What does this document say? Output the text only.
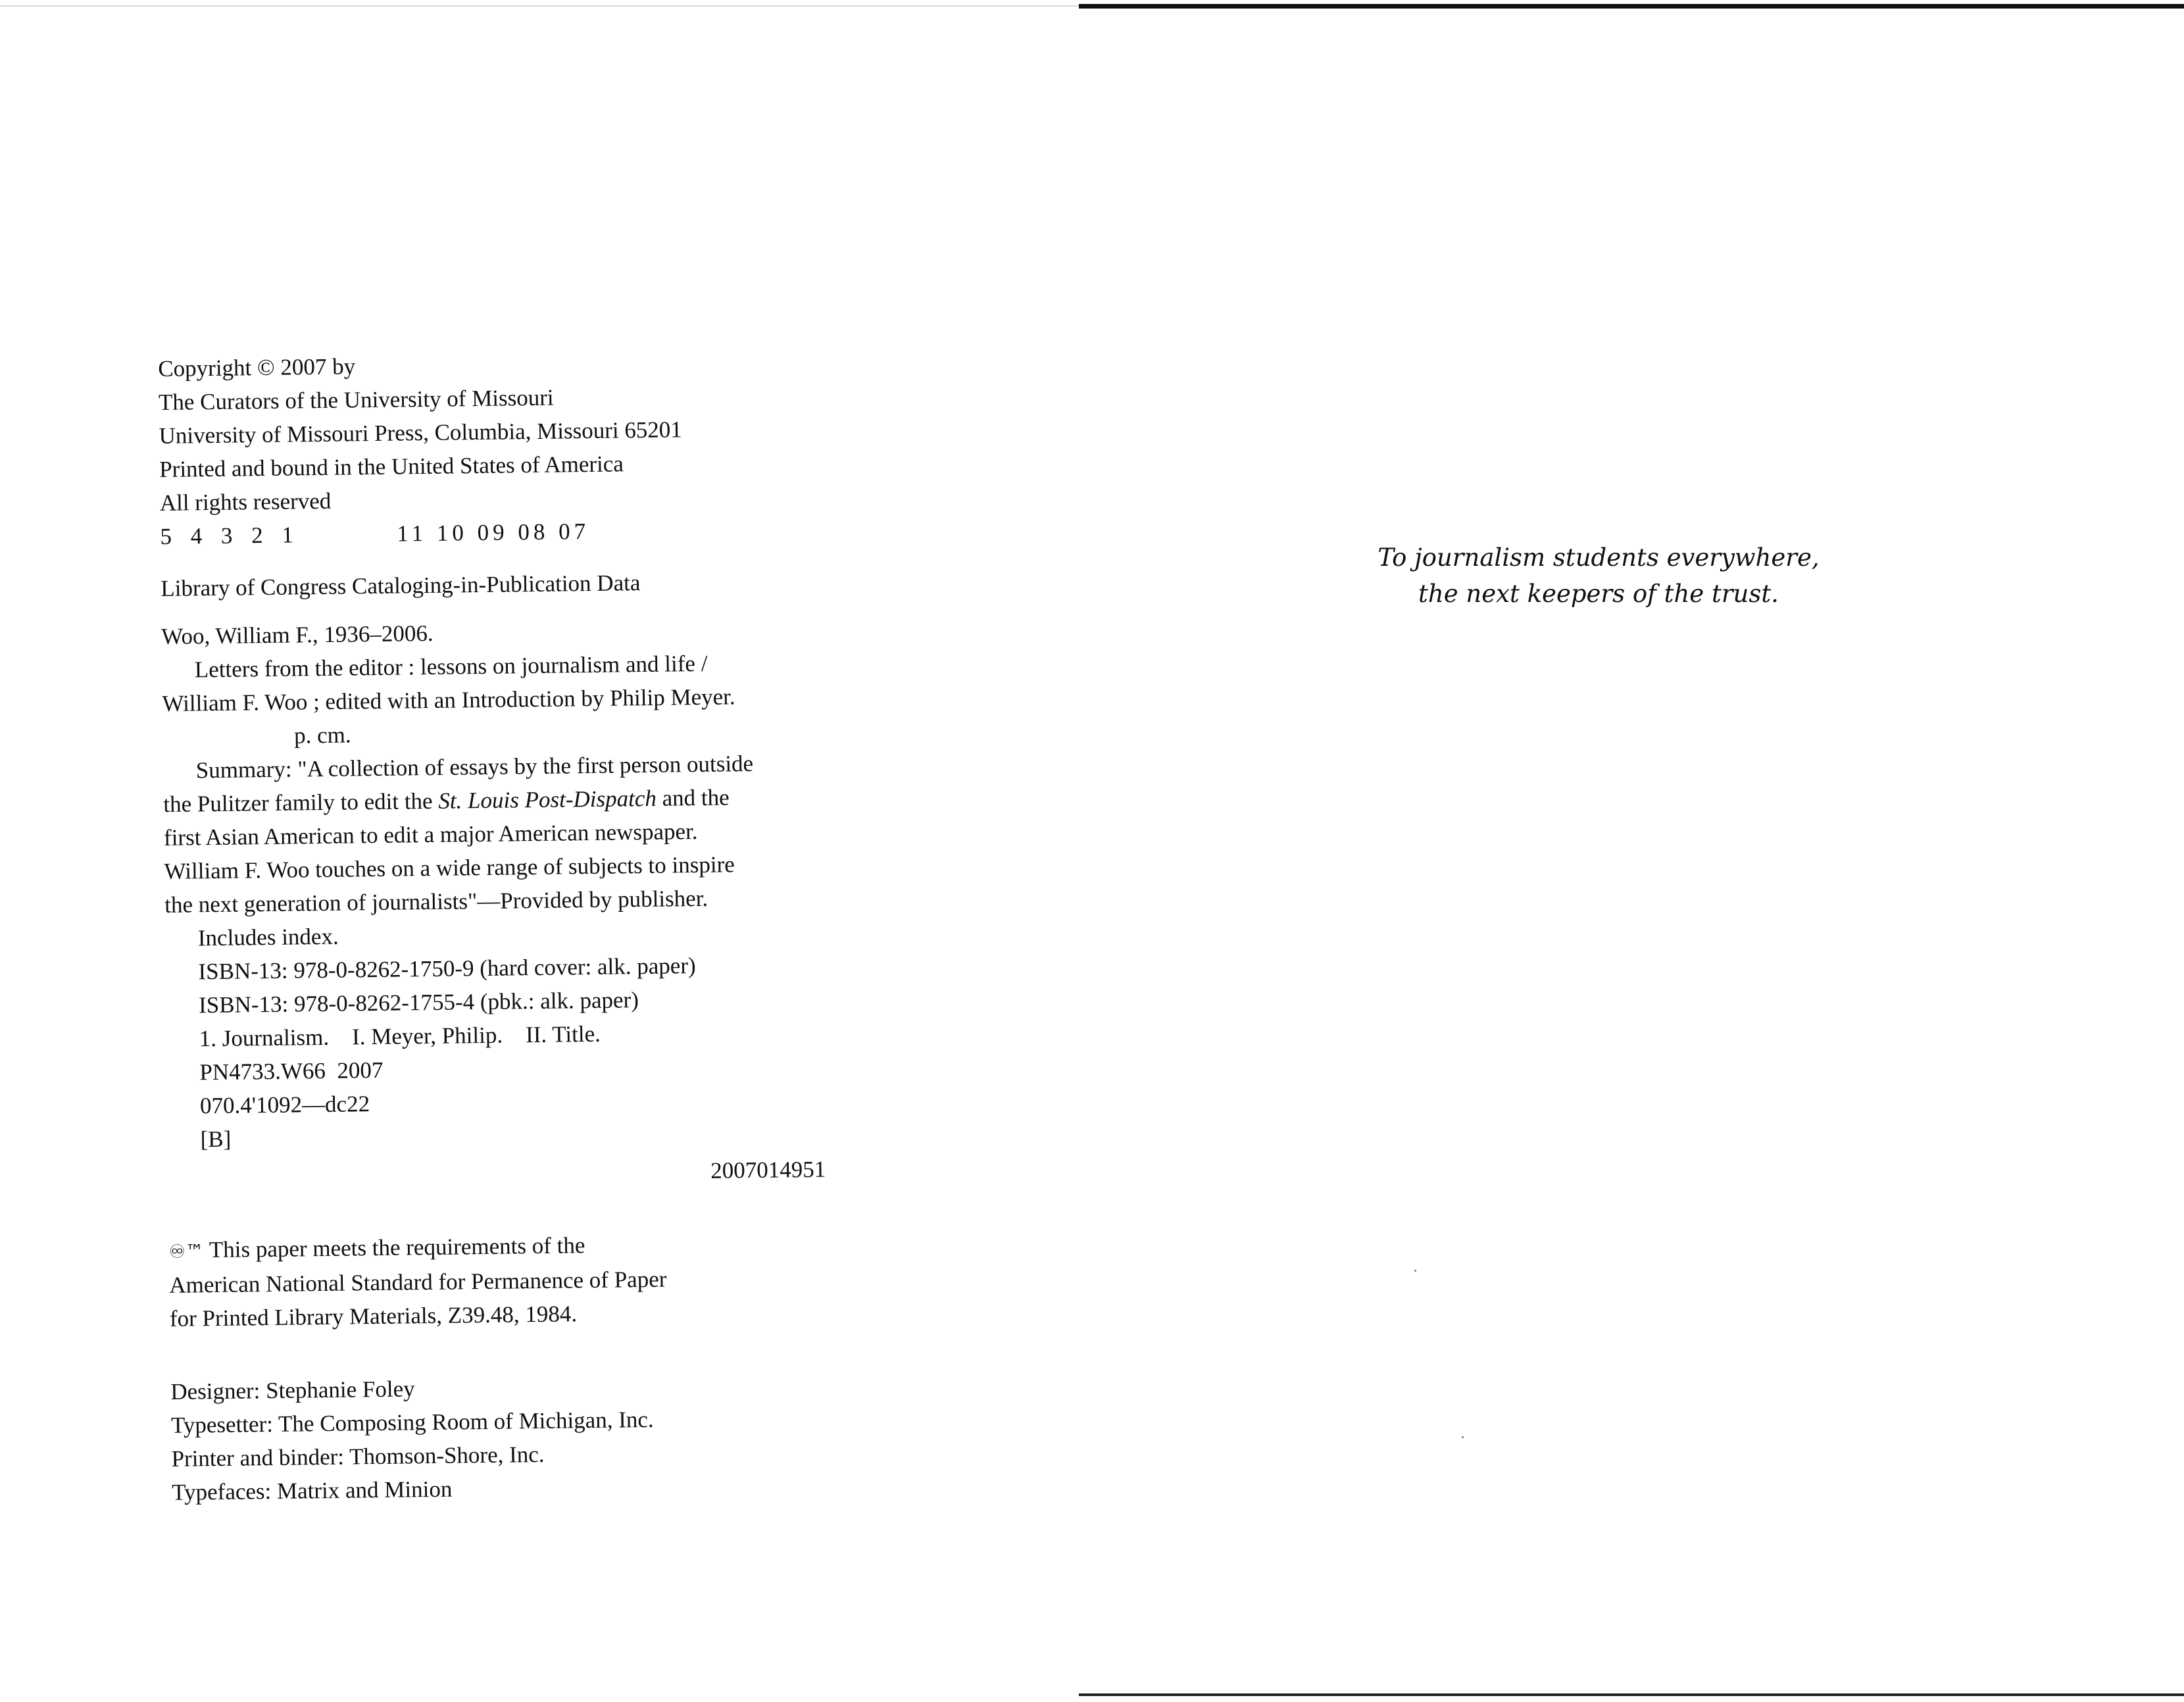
Copyright © 2007 by
The Curators of the University of Missouri
University of Missouri Press, Columbia, Missouri 65201
Printed and bound in the United States of America
All rights reserved
5 4 3 2 1	11 10 09 08 07
Library of Congress Cataloging-in-Publication Data
Woo, William F., 1936–2006.
Letters from the editor : lessons on journalism and life /
William F. Woo ; edited with an Introduction by Philip Meyer.
p. cm.
Summary: "A collection of essays by the first person outside
the Pulitzer family to edit the St. Louis Post-Dispatch and the
first Asian American to edit a major American newspaper.
William F. Woo touches on a wide range of subjects to inspire
the next generation of journalists"—Provided by publisher.
Includes index.
ISBN-13: 978-0-8262-1750-9 (hard cover: alk. paper)
ISBN-13: 978-0-8262-1755-4 (pbk.: alk. paper)
1. Journalism.    I. Meyer, Philip.    II. Title.
PN4733.W66  2007
070.4'1092—dc22
[B]
2007014951
♾™ This paper meets the requirements of the
American National Standard for Permanence of Paper
for Printed Library Materials, Z39.48, 1984.
Designer: Stephanie Foley
Typesetter: The Composing Room of Michigan, Inc.
Printer and binder: Thomson-Shore, Inc.
Typefaces: Matrix and Minion
To journalism students everywhere,
the next keepers of the trust.
